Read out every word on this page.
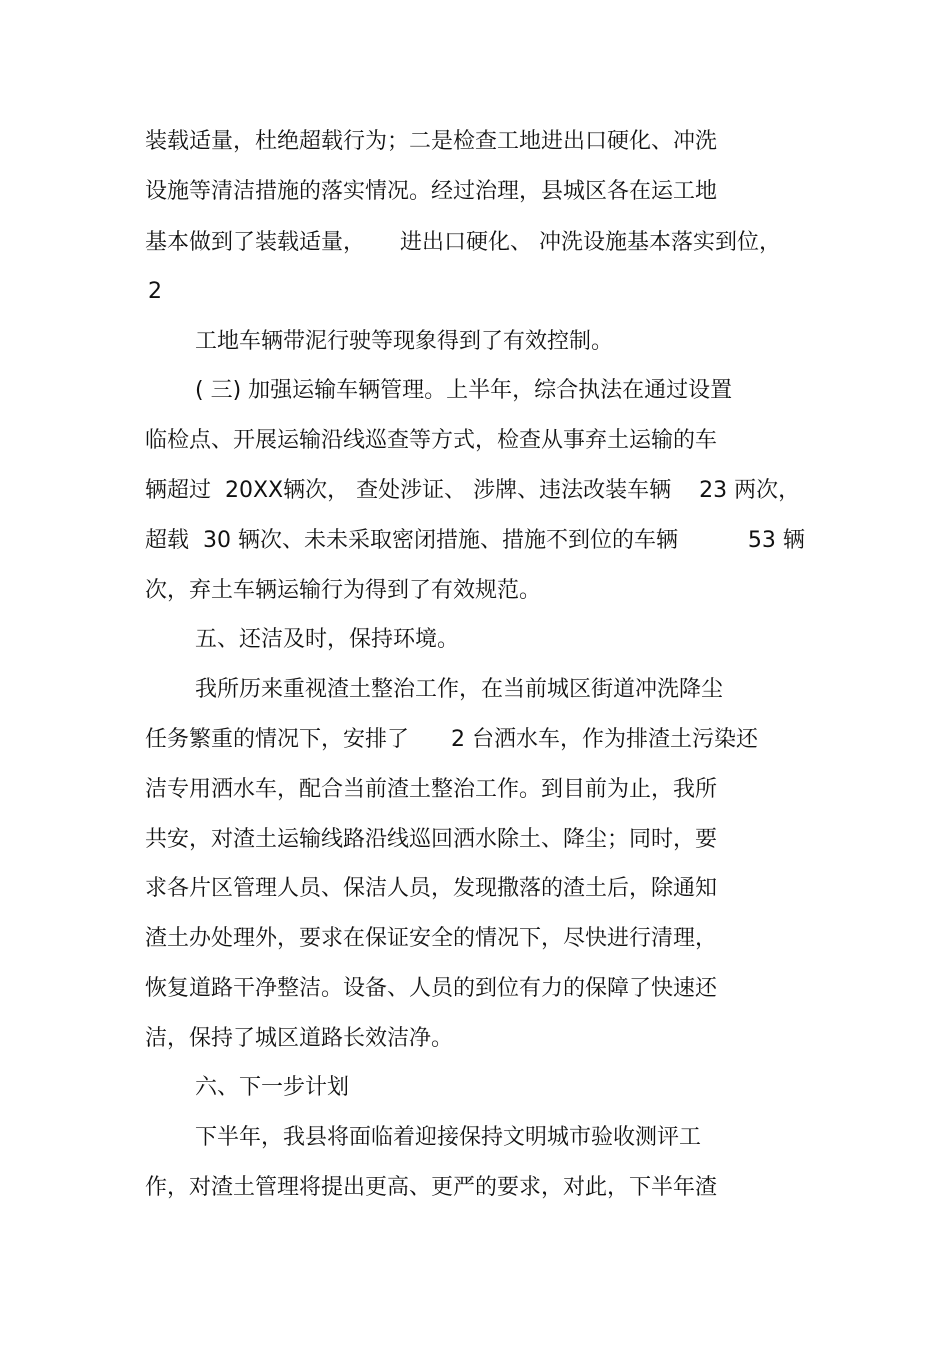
装载适量，杜绝超载行为；二是检查工地进出口硬化、冲洗
设施等清洁措施的落实情况。经过治理，县城区各在运工地
基本做到了装载适量，     进出口硬化、 冲洗设施基本落实到位，
2
工地车辆带泥行驶等现象得到了有效控制。
( 三) 加强运输车辆管理。上半年，综合执法在通过设置
临检点、开展运输沿线巡查等方式，检查从事弃土运输的车
辆超过  20XX辆次， 查处涉证、 涉牌、违法改装车辆    23 两次，
超载  30 辆次、未未采取密闭措施、措施不到位的车辆          53 辆
次，弃土车辆运输行为得到了有效规范。
五、还洁及时，保持环境。
我所历来重视渣土整治工作，在当前城区街道冲洗降尘
任务繁重的情况下，安排了      2 台洒水车，作为排渣土污染还
洁专用洒水车，配合当前渣土整治工作。到目前为止，我所
共安，对渣土运输线路沿线巡回洒水除土、降尘；同时，要
求各片区管理人员、保洁人员，发现撒落的渣土后，除通知
渣土办处理外，要求在保证安全的情况下，尽快进行清理，
恢复道路干净整洁。设备、人员的到位有力的保障了快速还
洁，保持了城区道路长效洁净。
六、下一步计划
下半年，我县将面临着迎接保持文明城市验收测评工
作，对渣土管理将提出更高、更严的要求，对此，下半年渣
